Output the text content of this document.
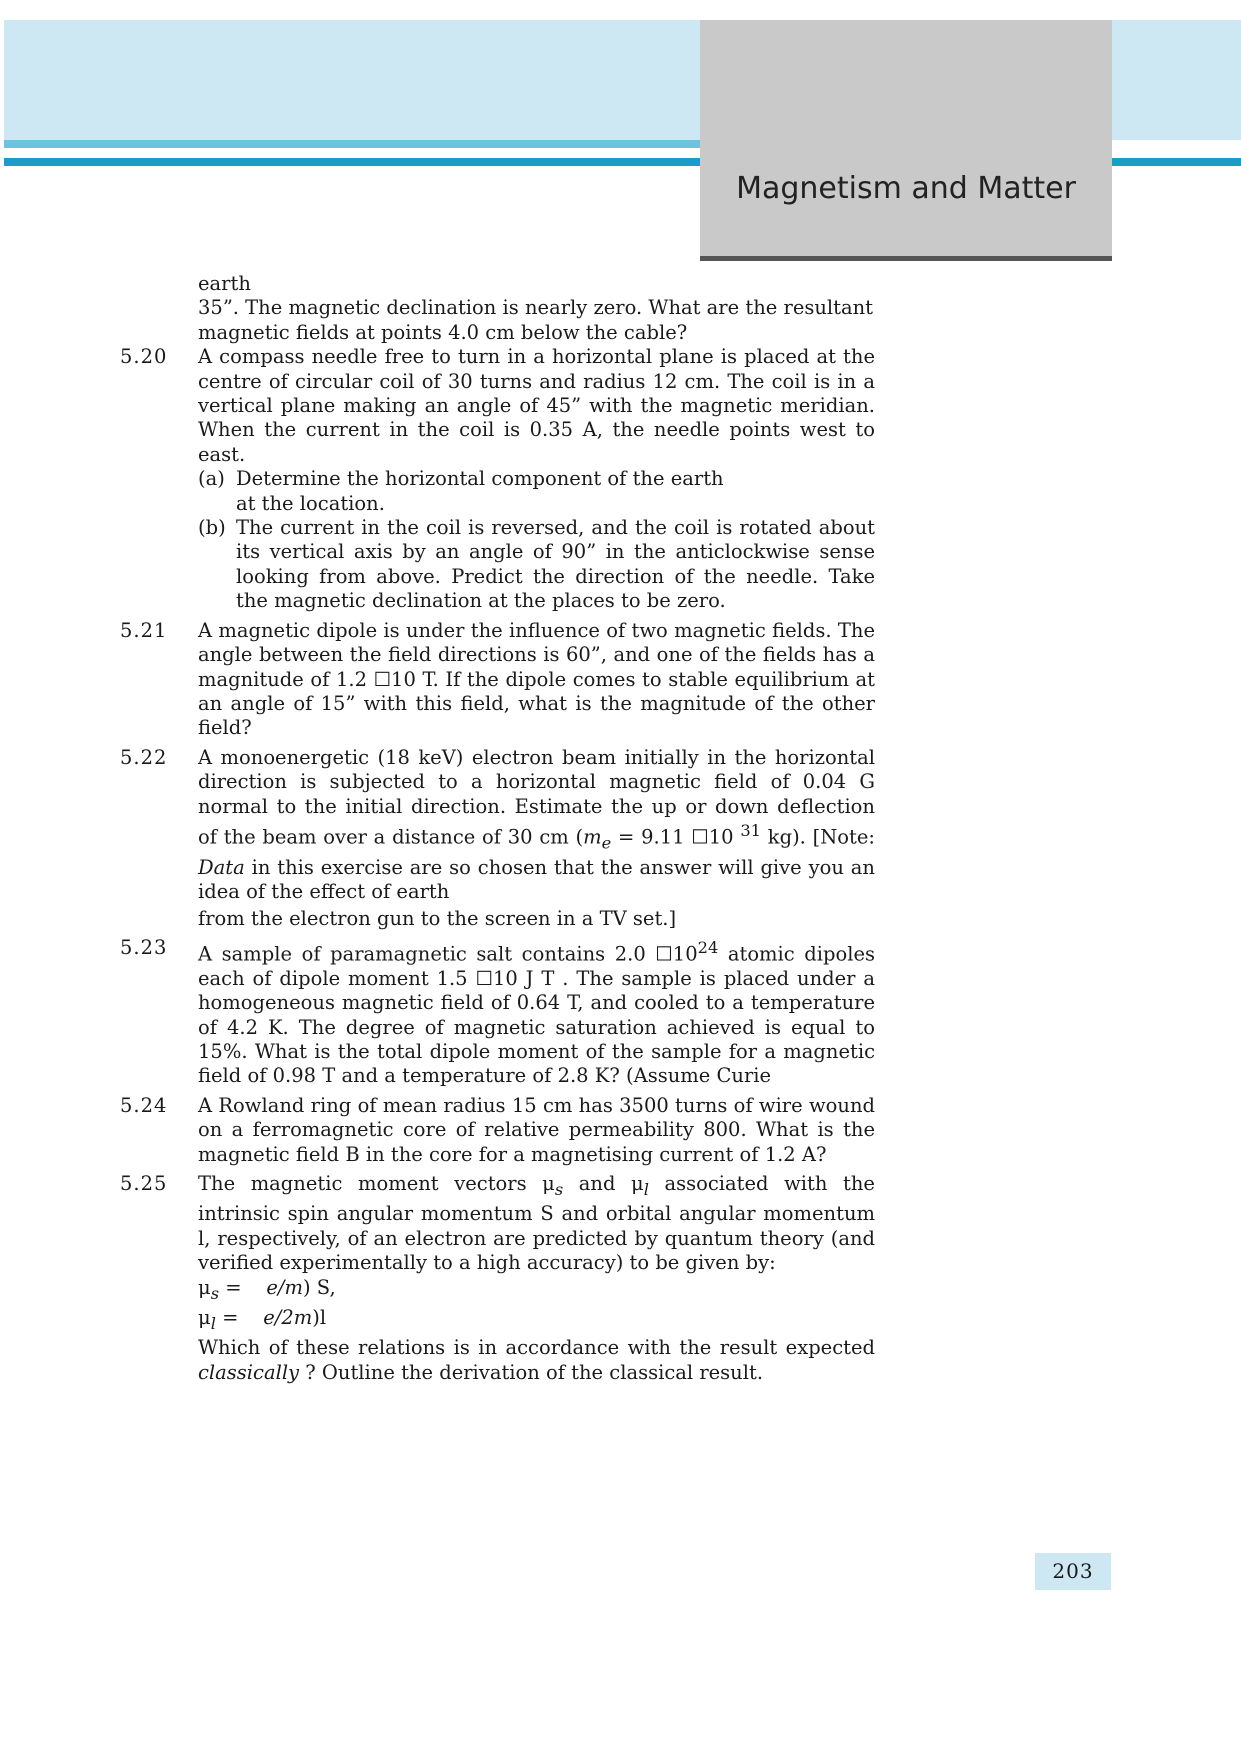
Magnetism and Matter

earth

35”. The magnetic declination is nearly zero. What are the resultant

magnetic fields at points 4.0 cm below the cable?

5.20	A compass needle free to turn in a horizontal plane is placed at the centre of circular coil of 30 turns and radius 12 cm. The coil is in a vertical plane making an angle of 45” with the magnetic meridian. When the current in the coil is 0.35 A, the needle points west to east.

(a) Determine the horizontal component of the earth at the location.
(b) The current in the coil is reversed, and the coil is rotated about its vertical axis by an angle of 90” in the anticlockwise sense looking from above. Predict the direction of the needle. Take the magnetic declination at the places to be zero.
5.21	A magnetic dipole is under the influence of two magnetic fields. The angle between the field directions is 60”, and one of the fields has a magnitude of 1.2 ☐10 T. If the dipole comes to stable equilibrium at an angle of 15” with this field, what is the magnitude of the other field?

5.22	A monoenergetic (18 keV) electron beam initially in the horizontal direction is subjected to a horizontal magnetic field of 0.04 G normal to the initial direction. Estimate the up or down deflection of the beam over a distance of 30 cm ($m_e = 9.11$ ☐10 $^{31}$ kg). [Note: Data in this exercise are so chosen that the answer will give you an idea of the effect of earth

from the electron gun to the screen in a TV set.]

5.23	A sample of paramagnetic salt contains 2.0 $☐10^{24}$ atomic dipoles each of dipole moment 1.5 ☐10 J T . The sample is placed under a homogeneous magnetic field of 0.64 T, and cooled to a temperature of 4.2 K. The degree of magnetic saturation achieved is equal to 15%. What is the total dipole moment of the sample for a magnetic field of 0.98 T and a temperature of 2.8 K? (Assume Curie

5.24	A Rowland ring of mean radius 15 cm has 3500 turns of wire wound on a ferromagnetic core of relative permeability 800. What is the magnetic field B in the core for a magnetising current of 1.2 A?

5.25	The magnetic moment vectors $\mu_s$ and $\mu_l$ associated with the intrinsic spin angular momentum S and orbital angular momentum l, respectively, of an electron are predicted by quantum theory (and verified experimentally to a high accuracy) to be given by:

$\mu_s$ =    e/m) S,

$\mu_l$ =    e/2m)l

Which of these relations is in accordance with the result expected classically ? Outline the derivation of the classical result.

203
